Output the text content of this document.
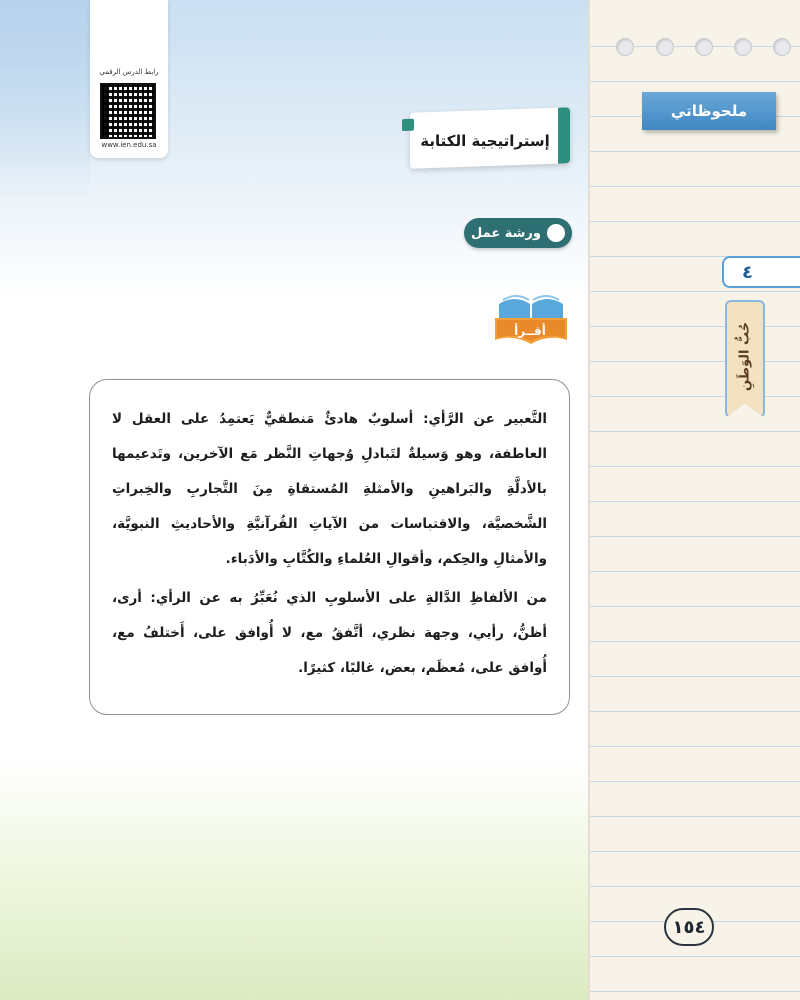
رابط الدرس الرقمي
www.ien.edu.sa
ملحوظاتي
٤
حُبُّ الوَطَنِ
١٥٤
إستراتيجية الكتابة
ورشة عمل
أقــرأ

التَّعبير عن الرَّأي: أسلوبٌ هادئٌ مَنطقيٌّ يَعتمِدُ على العقل لا العاطفة، وهو وَسيلةٌ لتَبادلِ وُجهاتِ النَّظر مَع الآخرين، وتَدعيمها بالأدلَّةِ والبَراهينِ والأمثلةِ المُستقاةِ مِنَ التَّجاربِ والخِبراتِ الشَّخصيَّة، والاقتباسات من الآياتِ القُرآنيَّةِ والأحاديثِ النبويَّة، والأمثالِ والحِكم، وأقوالِ العُلماءِ والكُتَّابِ والأدَباء.

من الألفاظِ الدَّالةِ على الأسلوبِ الذي نُعَبِّرُ به عن الرأي: أرى، أظنُّ، رأيي، وجهة نظري، أتَّفقُ مع، لا أُوافق على، أَختلفُ مع، أُوافق على، مُعظَم، بعض، غالبًا، كثيرًا.
